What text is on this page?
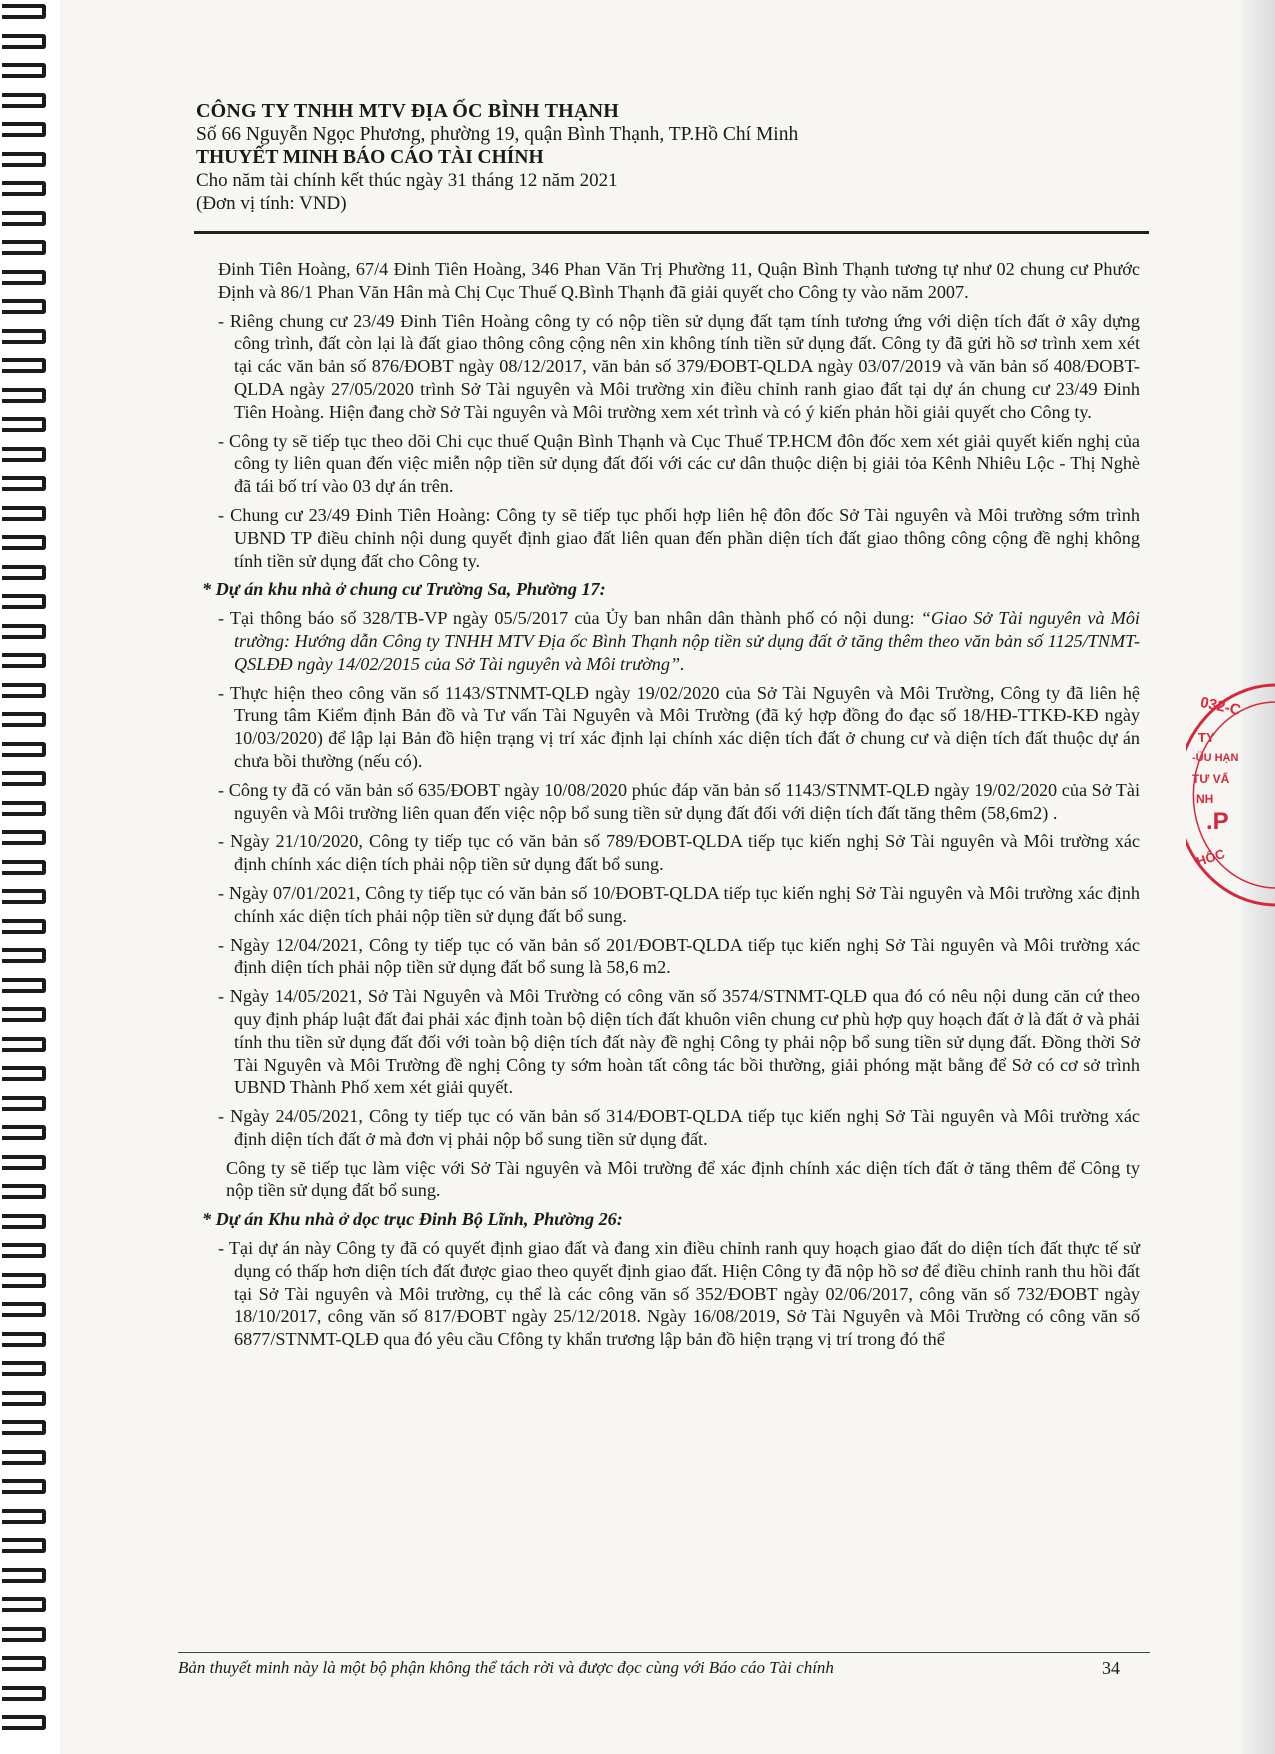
CÔNG TY TNHH MTV ĐỊA ỐC BÌNH THẠNH
Số 66 Nguyễn Ngọc Phương, phường 19, quận Bình Thạnh, TP.Hồ Chí Minh
THUYẾT MINH BÁO CÁO TÀI CHÍNH
Cho năm tài chính kết thúc ngày 31 tháng 12 năm 2021
(Đơn vị tính: VND)

Đinh Tiên Hoàng, 67/4 Đinh Tiên Hoàng, 346 Phan Văn Trị Phường 11, Quận Bình Thạnh tương tự như 02 chung cư Phước Định và 86/1 Phan Văn Hân mà Chị Cục Thuế Q.Bình Thạnh đã giải quyết cho Công ty vào năm 2007.

- Riêng chung cư 23/49 Đinh Tiên Hoàng công ty có nộp tiền sử dụng đất tạm tính tương ứng với diện tích đất ở xây dựng công trình, đất còn lại là đất giao thông công cộng nên xin không tính tiền sử dụng đất. Công ty đã gửi hồ sơ trình xem xét tại các văn bản số 876/ĐOBT ngày 08/12/2017, văn bản số 379/ĐOBT-QLDA ngày 03/07/2019 và văn bản số 408/ĐOBT-QLDA ngày 27/05/2020 trình Sở Tài nguyên và Môi trường xin điều chỉnh ranh giao đất tại dự án chung cư 23/49 Đinh Tiên Hoàng. Hiện đang chờ Sở Tài nguyên và Môi trường xem xét trình và có ý kiến phản hồi giải quyết cho Công ty.

- Công ty sẽ tiếp tục theo dõi Chi cục thuế Quận Bình Thạnh và Cục Thuế TP.HCM đôn đốc xem xét giải quyết kiến nghị của công ty liên quan đến việc miễn nộp tiền sử dụng đất đối với các cư dân thuộc diện bị giải tỏa Kênh Nhiêu Lộc - Thị Nghè đã tái bố trí vào 03 dự án trên.

- Chung cư 23/49 Đinh Tiên Hoàng: Công ty sẽ tiếp tục phối hợp liên hệ đôn đốc Sở Tài nguyên và Môi trường sớm trình UBND TP điều chỉnh nội dung quyết định giao đất liên quan đến phần diện tích đất giao thông công cộng đề nghị không tính tiền sử dụng đất cho Công ty.

* Dự án khu nhà ở chung cư Trường Sa, Phường 17:

- Tại thông báo số 328/TB-VP ngày 05/5/2017 của Ủy ban nhân dân thành phố có nội dung: “Giao Sở Tài nguyên và Môi trường: Hướng dẫn Công ty TNHH MTV Địa ốc Bình Thạnh nộp tiền sử dụng đất ở tăng thêm theo văn bản số 1125/TNMT-QSLĐĐ ngày 14/02/2015 của Sở Tài nguyên và Môi trường”.

- Thực hiện theo công văn số 1143/STNMT-QLĐ ngày 19/02/2020 của Sở Tài Nguyên và Môi Trường, Công ty đã liên hệ Trung tâm Kiểm định Bản đồ và Tư vấn Tài Nguyên và Môi Trường (đã ký hợp đồng đo đạc số 18/HĐ-TTKĐ-KĐ ngày 10/03/2020) để lập lại Bản đồ hiện trạng vị trí xác định lại chính xác diện tích đất ở chung cư và diện tích đất thuộc dự án chưa bồi thường (nếu có).

- Công ty đã có văn bản số 635/ĐOBT ngày 10/08/2020 phúc đáp văn bản số 1143/STNMT-QLĐ ngày 19/02/2020 của Sở Tài nguyên và Môi trường liên quan đến việc nộp bổ sung tiền sử dụng đất đối với diện tích đất tăng thêm (58,6m2) .

- Ngày 21/10/2020, Công ty tiếp tục có văn bản số 789/ĐOBT-QLDA tiếp tục kiến nghị Sở Tài nguyên và Môi trường xác định chính xác diện tích phải nộp tiền sử dụng đất bổ sung.

- Ngày 07/01/2021, Công ty tiếp tục có văn bản số 10/ĐOBT-QLDA tiếp tục kiến nghị Sở Tài nguyên và Môi trường xác định chính xác diện tích phải nộp tiền sử dụng đất bổ sung.

- Ngày 12/04/2021, Công ty tiếp tục có văn bản số 201/ĐOBT-QLDA tiếp tục kiến nghị Sở Tài nguyên và Môi trường xác định diện tích phải nộp tiền sử dụng đất bổ sung là 58,6 m2.

- Ngày 14/05/2021, Sở Tài Nguyên và Môi Trường có công văn số 3574/STNMT-QLĐ qua đó có nêu nội dung căn cứ theo quy định pháp luật đất đai phải xác định toàn bộ diện tích đất khuôn viên chung cư phù hợp quy hoạch đất ở là đất ở và phải tính thu tiền sử dụng đất đối với toàn bộ diện tích đất này đề nghị Công ty phải nộp bổ sung tiền sử dụng đất. Đồng thời Sở Tài Nguyên và Môi Trường đề nghị Công ty sớm hoàn tất công tác bồi thường, giải phóng mặt bằng để Sở có cơ sở trình UBND Thành Phố xem xét giải quyết.

- Ngày 24/05/2021, Công ty tiếp tục có văn bản số 314/ĐOBT-QLDA tiếp tục kiến nghị Sở Tài nguyên và Môi trường xác định diện tích đất ở mà đơn vị phải nộp bổ sung tiền sử dụng đất.

Công ty sẽ tiếp tục làm việc với Sở Tài nguyên và Môi trường để xác định chính xác diện tích đất ở tăng thêm để Công ty nộp tiền sử dụng đất bổ sung.

* Dự án Khu nhà ở dọc trục Đinh Bộ Lĩnh, Phường 26:

- Tại dự án này Công ty đã có quyết định giao đất và đang xin điều chỉnh ranh quy hoạch giao đất do diện tích đất thực tế sử dụng có thấp hơn diện tích đất được giao theo quyết định giao đất. Hiện Công ty đã nộp hồ sơ để điều chỉnh ranh thu hồi đất tại Sở Tài nguyên và Môi trường, cụ thể là các công văn số 352/ĐOBT ngày 02/06/2017, công văn số 732/ĐOBT ngày 18/10/2017, công văn số 817/ĐOBT ngày 25/12/2018. Ngày 16/08/2019, Sở Tài Nguyên và Môi Trường có công văn số 6877/STNMT-QLĐ qua đó yêu cầu Cfông ty khẩn trương lập bản đồ hiện trạng vị trí trong đó thể

Bản thuyết minh này là một bộ phận không thể tách rời và được đọc cùng với Báo cáo Tài chính	34
032-C
TY
-ÜU HẠN
TƯ VẤ
NH
.P
HỐC
